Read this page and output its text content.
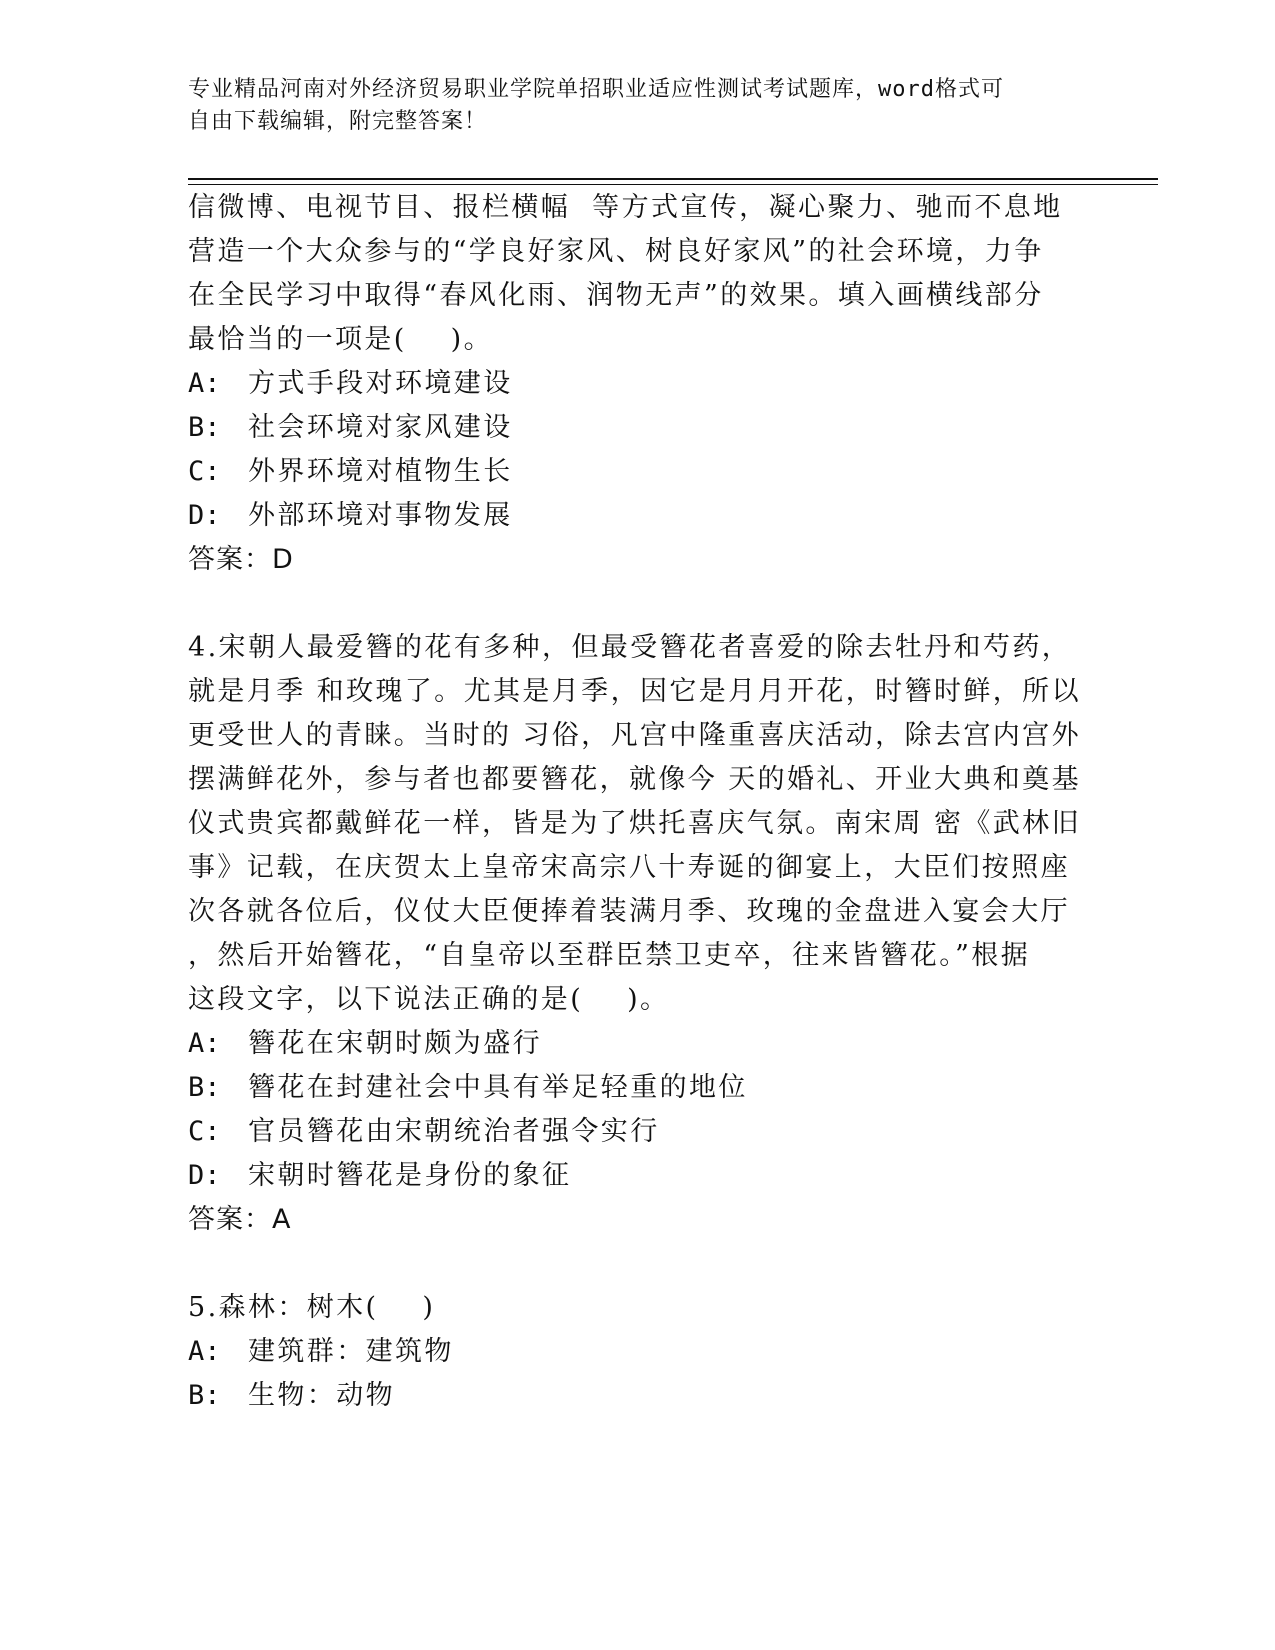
专业精品河南对外经济贸易职业学院单招职业适应性测试考试题库，word格式可
自由下载编辑，附完整答案！
信微博、电视节目、报栏横幅  等方式宣传，凝心聚力、驰而不息地
营造一个大众参与的“学良好家风、树良好家风”的社会环境，力争
在全民学习中取得“春风化雨、润物无声”的效果。填入画横线部分
最恰当的一项是(    )。
A: 方式手段对环境建设
B: 社会环境对家风建设
C: 外界环境对植物生长
D: 外部环境对事物发展
答案：D
4.宋朝人最爱簪的花有多种，但最受簪花者喜爱的除去牡丹和芍药，
就是月季 和玫瑰了。尤其是月季，因它是月月开花，时簪时鲜，所以
更受世人的青睐。当时的 习俗，凡宫中隆重喜庆活动，除去宫内宫外
摆满鲜花外，参与者也都要簪花，就像今 天的婚礼、开业大典和奠基
仪式贵宾都戴鲜花一样，皆是为了烘托喜庆气氛。南宋周 密《武林旧
事》记载，在庆贺太上皇帝宋高宗八十寿诞的御宴上，大臣们按照座
次各就各位后，仪仗大臣便捧着装满月季、玫瑰的金盘进入宴会大厅
，然后开始簪花，“自皇帝以至群臣禁卫吏卒，往来皆簪花。”根据
这段文字，以下说法正确的是(    )。
A: 簪花在宋朝时颇为盛行
B: 簪花在封建社会中具有举足轻重的地位
C: 官员簪花由宋朝统治者强令实行
D: 宋朝时簪花是身份的象征
答案：A
5.森林：树木(    )
A: 建筑群：建筑物
B: 生物：动物
